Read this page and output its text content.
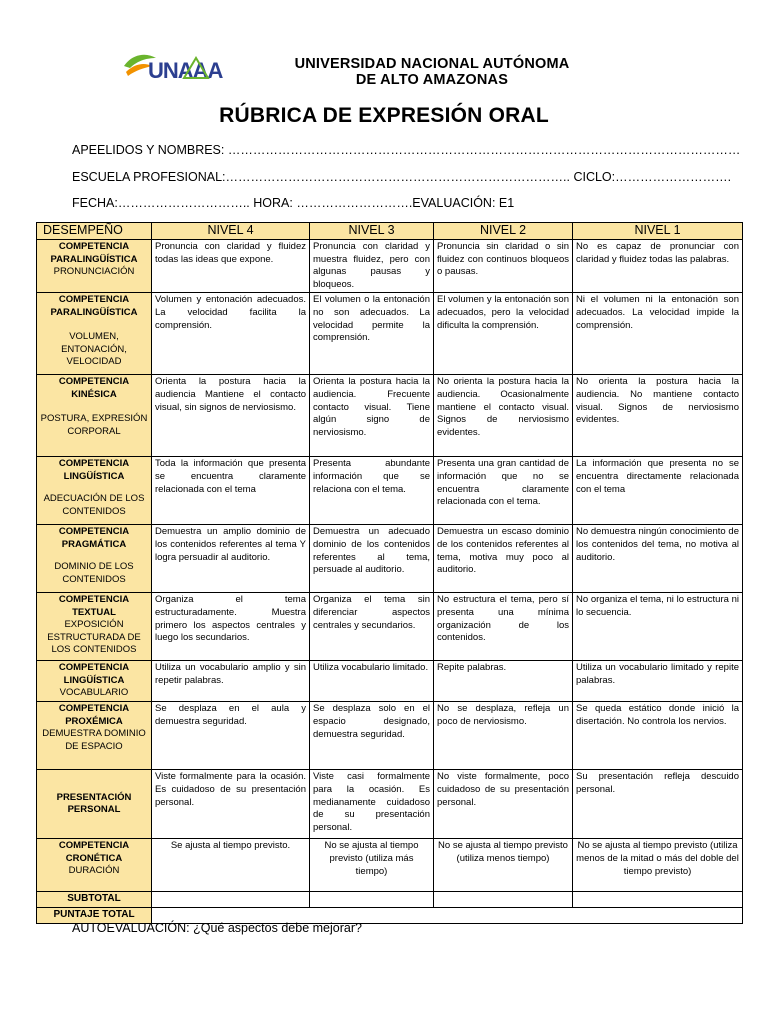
UNAAA	UNIVERSIDAD NACIONAL AUTÓNOMA
DE ALTO AMAZONAS
RÚBRICA DE EXPRESIÓN ORAL
APEELIDOS Y NOMBRES: ……………………………………………………………………………………………………………
ESCUELA PROFESIONAL:……………………………………………………………………….. CICLO:……………………….
FECHA:………………………….. HORA: ……………………….EVALUACIÓN: E1
DESEMPEÑO	NIVEL 4	NIVEL 3	NIVEL 2	NIVEL 1

COMPETENCIA PARALINGÜÍSTICA
PRONUNCIACIÓN	Pronuncia con claridad y fluidez todas las ideas que expone.	Pronuncia con claridad y muestra fluidez, pero con algunas pausas y bloqueos.	Pronuncia sin claridad o sin fluidez con continuos bloqueos o pausas.	No es capaz de pronunciar con claridad y fluidez todas las palabras.

COMPETENCIA PARALINGÜÍSTICA
VOLUMEN, ENTONACIÓN, VELOCIDAD	Volumen y entonación adecuados. La velocidad facilita la comprensión.	El volumen o la entonación no son adecuados. La velocidad permite la comprensión.	El volumen y la entonación son adecuados, pero la velocidad dificulta la comprensión.	Ni el volumen ni la entonación son adecuados. La velocidad impide la comprensión.

COMPETENCIA KINÉSICA
POSTURA, EXPRESIÓN CORPORAL	Orienta la postura hacia la audiencia Mantiene el contacto visual, sin signos de nerviosismo.	Orienta la postura hacia la audiencia. Frecuente contacto visual. Tiene algún signo de nerviosismo.	No orienta la postura hacia la audiencia. Ocasionalmente mantiene el contacto visual. Signos de nerviosismo evidentes.	No orienta la postura hacia la audiencia. No mantiene contacto visual. Signos de nerviosismo evidentes.

COMPETENCIA LINGÜÍSTICA
ADECUACIÓN DE LOS CONTENIDOS	Toda la información que presenta se encuentra claramente relacionada con el tema	Presenta abundante información que se relaciona con el tema.	Presenta una gran cantidad de información que no se encuentra claramente relacionada con el tema.	La información que presenta no se encuentra directamente relacionada con el tema

COMPETENCIA PRAGMÁTICA
DOMINIO DE LOS CONTENIDOS	Demuestra un amplio dominio de los contenidos referentes al tema Y logra persuadir al auditorio.	Demuestra un adecuado dominio de los contenidos referentes al tema, persuade al auditorio.	Demuestra un escaso dominio de los contenidos referentes al tema, motiva muy poco al auditorio.	No demuestra ningún conocimiento de los contenidos del tema, no motiva al auditorio.

COMPETENCIA TEXTUAL
EXPOSICIÓN ESTRUCTURADA DE LOS CONTENIDOS	Organiza el tema estructuradamente. Muestra primero los aspectos centrales y luego los secundarios.	Organiza el tema sin diferenciar aspectos centrales y secundarios.	No estructura el tema, pero sí presenta una mínima organización de los contenidos.	No organiza el tema, ni lo estructura ni lo secuencia.

COMPETENCIA LINGÜÍSTICA
VOCABULARIO	Utiliza un vocabulario amplio y sin repetir palabras.	Utiliza vocabulario limitado.	Repite palabras.	Utiliza un vocabulario limitado y repite palabras.

COMPETENCIA PROXÉMICA
DEMUESTRA DOMINIO DE ESPACIO	Se desplaza en el aula y demuestra seguridad.	Se desplaza solo en el espacio designado, demuestra seguridad.	No se desplaza, refleja un poco de nerviosismo.	Se queda estático donde inició la disertación. No controla los nervios.

PRESENTACIÓN PERSONAL	Viste formalmente para la ocasión. Es cuidadoso de su presentación personal.	Viste casi formalmente para la ocasión. Es medianamente cuidadoso de su presentación personal.	No viste formalmente, poco cuidadoso de su presentación personal.	Su presentación refleja descuido personal.

COMPETENCIA CRONÉTICA
DURACIÓN	Se ajusta al tiempo previsto.	No se ajusta al tiempo previsto (utiliza más tiempo)	No se ajusta al tiempo previsto (utiliza menos tiempo)	No se ajusta al tiempo previsto (utiliza menos de la mitad o más del doble del tiempo previsto)
SUBTOTAL				
PUNTAJE TOTAL				
AUTOEVALUACIÓN: ¿Qué aspectos debe mejorar?
